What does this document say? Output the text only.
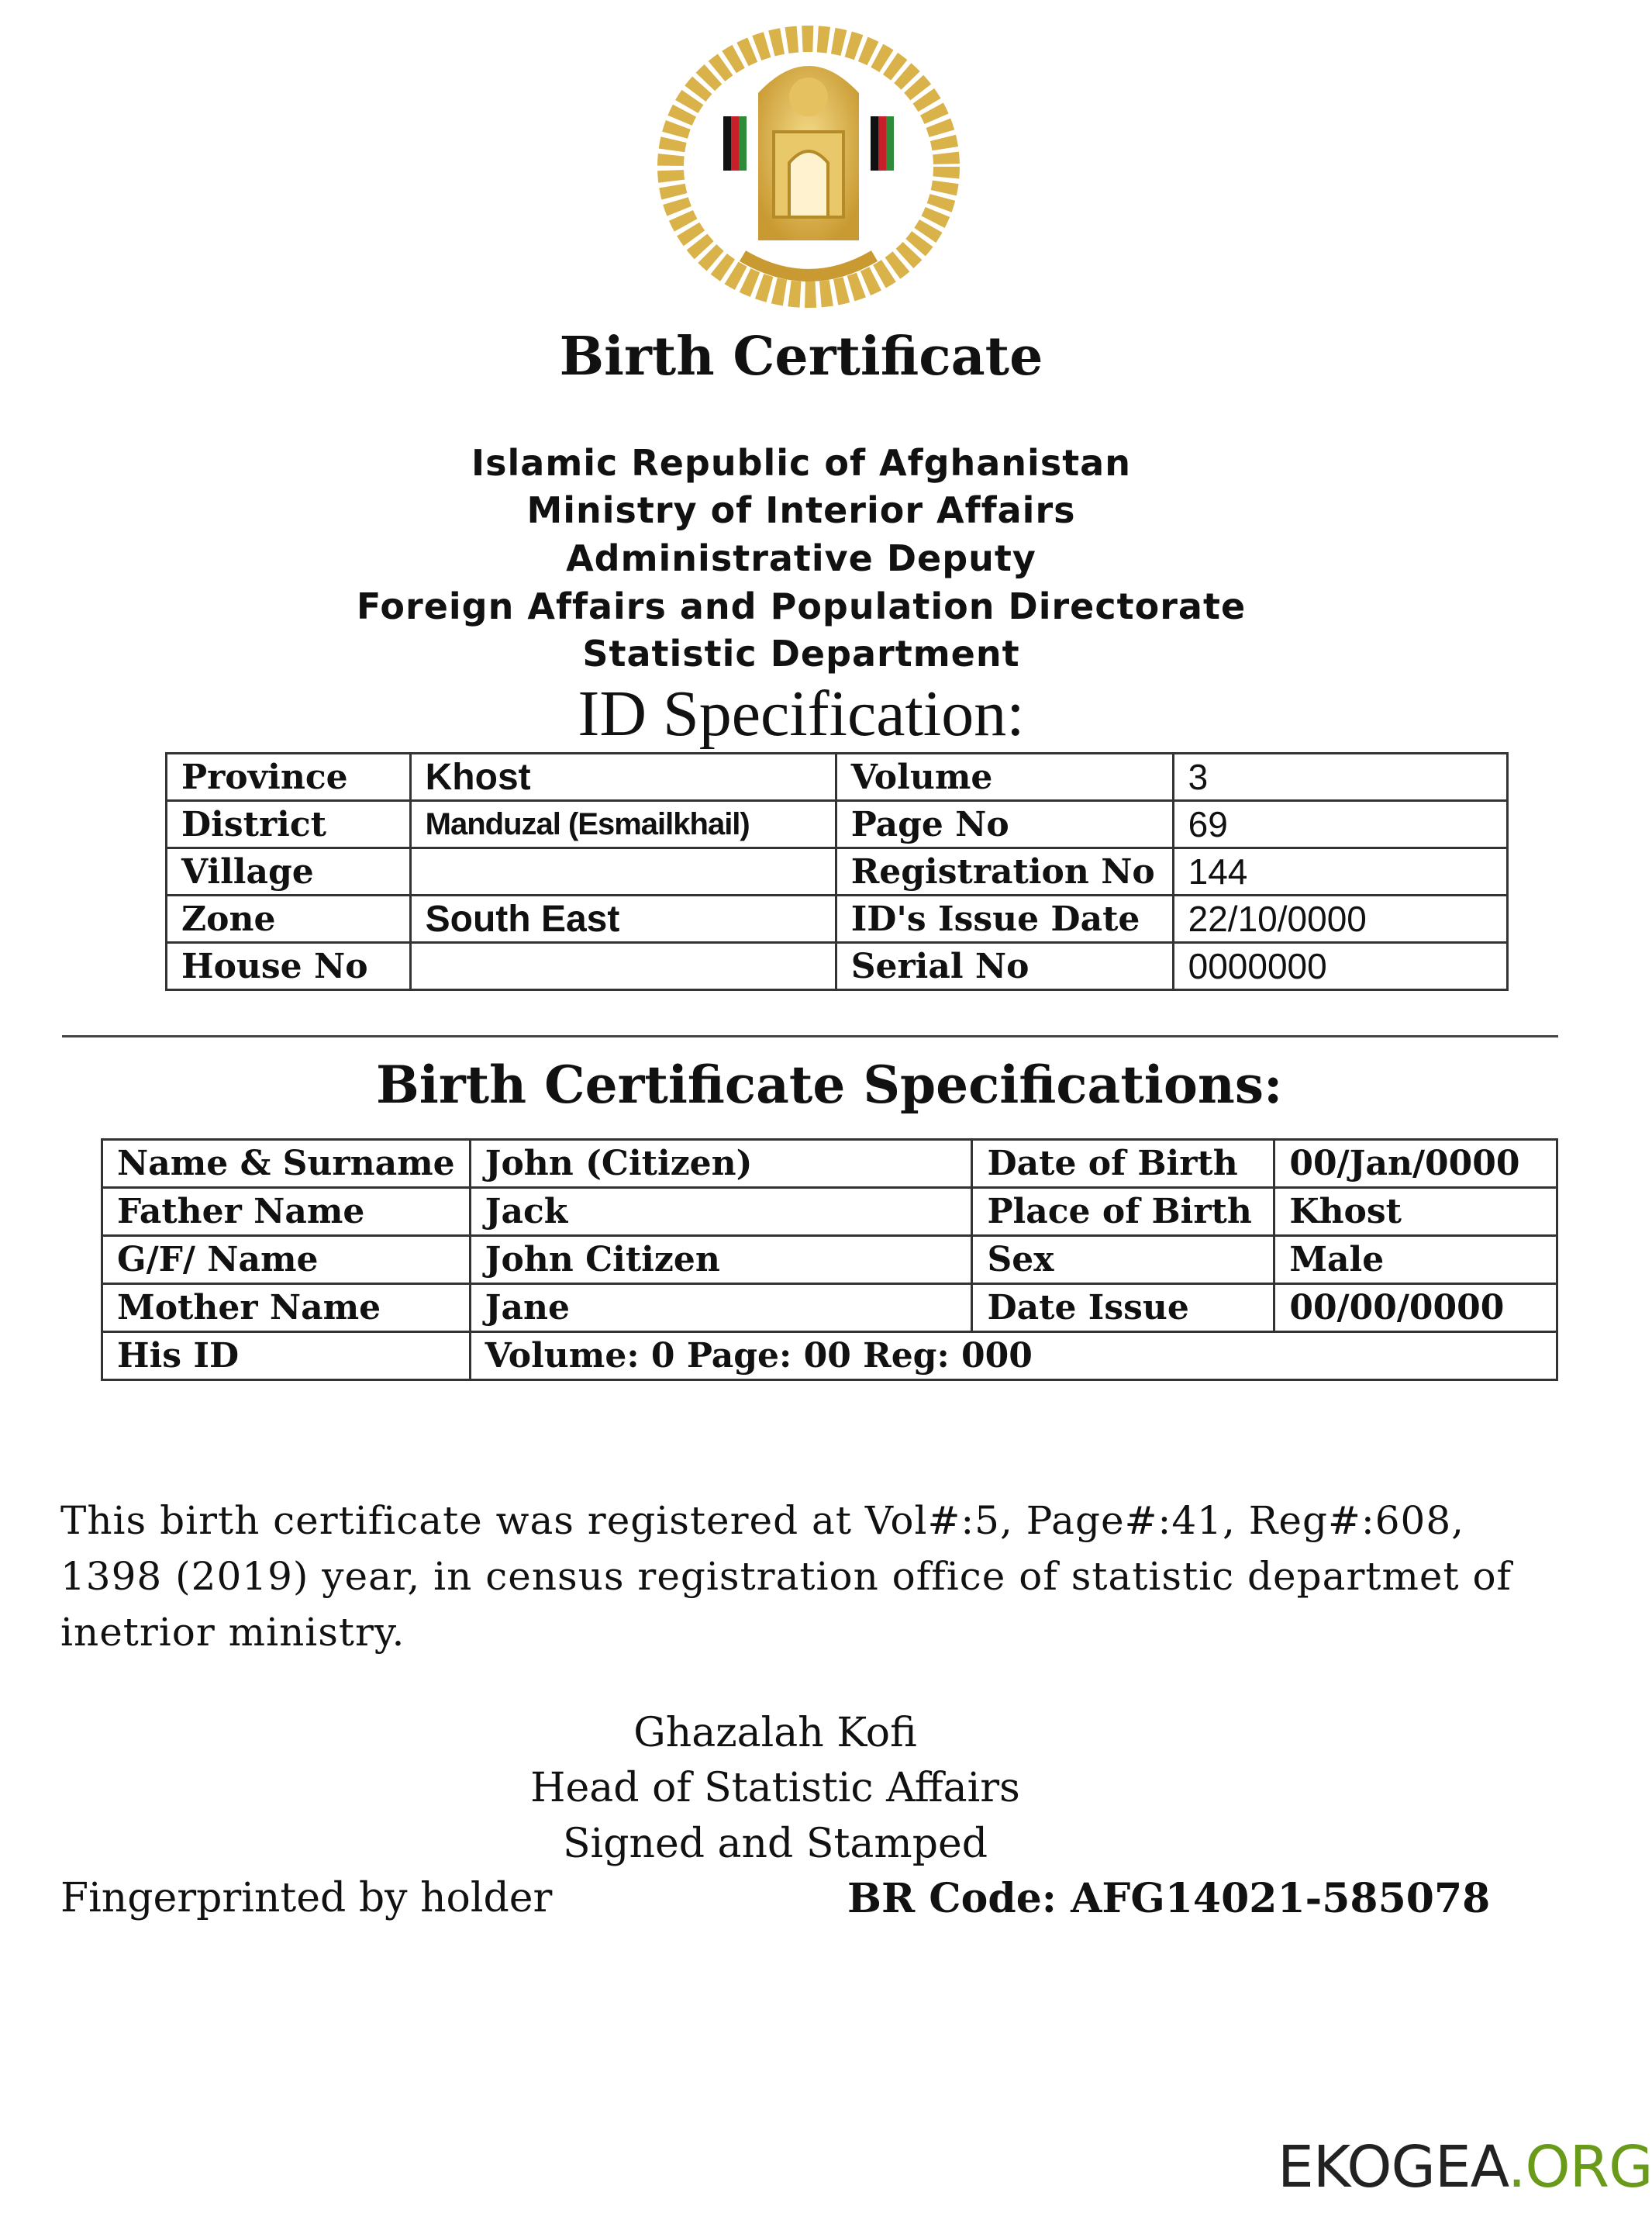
Birth Certificate
Islamic Republic of Afghanistan
Ministry of Interior Affairs
Administrative Deputy
Foreign Affairs and Population Directorate
Statistic Department
ID Specification:
Province	Khost	Volume	3
District	Manduzal (Esmailkhail)	Page No	69
Village		Registration No	144
Zone	South East	ID's Issue Date	22/10/0000
House No		Serial No	0000000
Birth Certificate Specifications:
Name & Surname	John (Citizen)	Date of Birth	00/Jan/0000
Father Name	Jack	Place of Birth	Khost
G/F/ Name	John Citizen	Sex	Male
Mother Name	Jane	Date Issue	00/00/0000
His ID	Volume: 0 Page: 00 Reg: 000		
This birth certificate was registered at Vol#:5, Page#:41, Reg#:608, 1398 (2019) year, in census registration office of statistic departmet of inetrior ministry.
Ghazalah Kofi
Head of Statistic Affairs
Signed and Stamped
Fingerprinted by holder	BR Code: AFG14021-585078
EKOGEA.ORG
